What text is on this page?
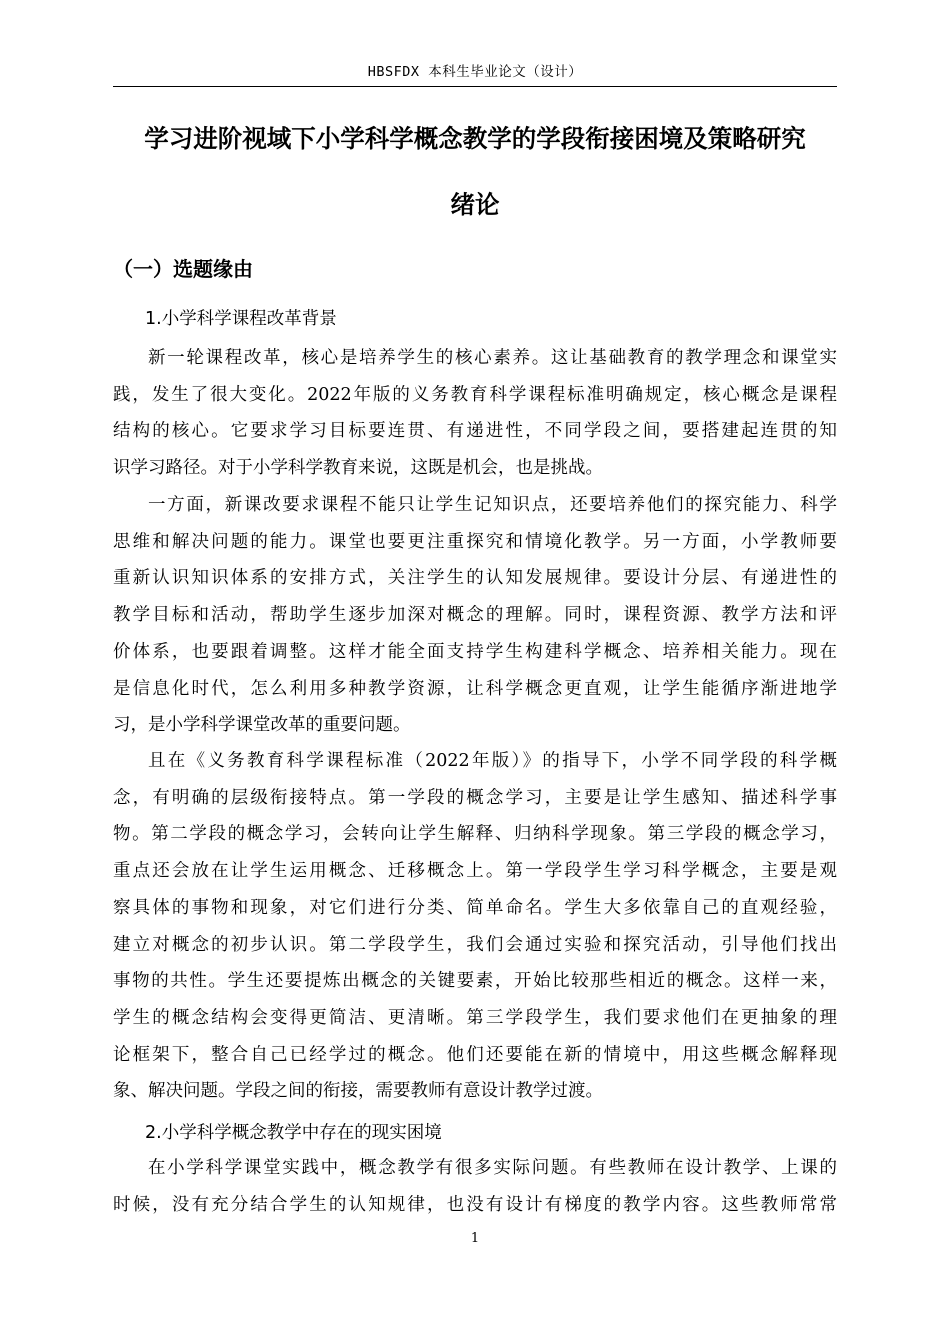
HBSFDX 本科生毕业论文（设计）
学习进阶视域下小学科学概念教学的学段衔接困境及策略研究
绪论
（一）选题缘由
1.小学科学课程改革背景
新一轮课程改革，核心是培养学生的核心素养。这让基础教育的教学理念和课堂实
践，发生了很大变化。2022年版的义务教育科学课程标准明确规定，核心概念是课程
结构的核心。它要求学习目标要连贯、有递进性，不同学段之间，要搭建起连贯的知
识学习路径。对于小学科学教育来说，这既是机会，也是挑战。
一方面，新课改要求课程不能只让学生记知识点，还要培养他们的探究能力、科学
思维和解决问题的能力。课堂也要更注重探究和情境化教学。另一方面，小学教师要
重新认识知识体系的安排方式，关注学生的认知发展规律。要设计分层、有递进性的
教学目标和活动，帮助学生逐步加深对概念的理解。同时，课程资源、教学方法和评
价体系，也要跟着调整。这样才能全面支持学生构建科学概念、培养相关能力。现在
是信息化时代，怎么利用多种教学资源，让科学概念更直观，让学生能循序渐进地学
习，是小学科学课堂改革的重要问题。
且在《义务教育科学课程标准（2022年版）》的指导下，小学不同学段的科学概
念，有明确的层级衔接特点。第一学段的概念学习，主要是让学生感知、描述科学事
物。第二学段的概念学习，会转向让学生解释、归纳科学现象。第三学段的概念学习，
重点还会放在让学生运用概念、迁移概念上。第一学段学生学习科学概念，主要是观
察具体的事物和现象，对它们进行分类、简单命名。学生大多依靠自己的直观经验，
建立对概念的初步认识。第二学段学生，我们会通过实验和探究活动，引导他们找出
事物的共性。学生还要提炼出概念的关键要素，开始比较那些相近的概念。这样一来，
学生的概念结构会变得更简洁、更清晰。第三学段学生，我们要求他们在更抽象的理
论框架下，整合自己已经学过的概念。他们还要能在新的情境中，用这些概念解释现
象、解决问题。学段之间的衔接，需要教师有意设计教学过渡。
2.小学科学概念教学中存在的现实困境
在小学科学课堂实践中，概念教学有很多实际问题。有些教师在设计教学、上课的
时候，没有充分结合学生的认知规律，也没有设计有梯度的教学内容。这些教师常常
1
